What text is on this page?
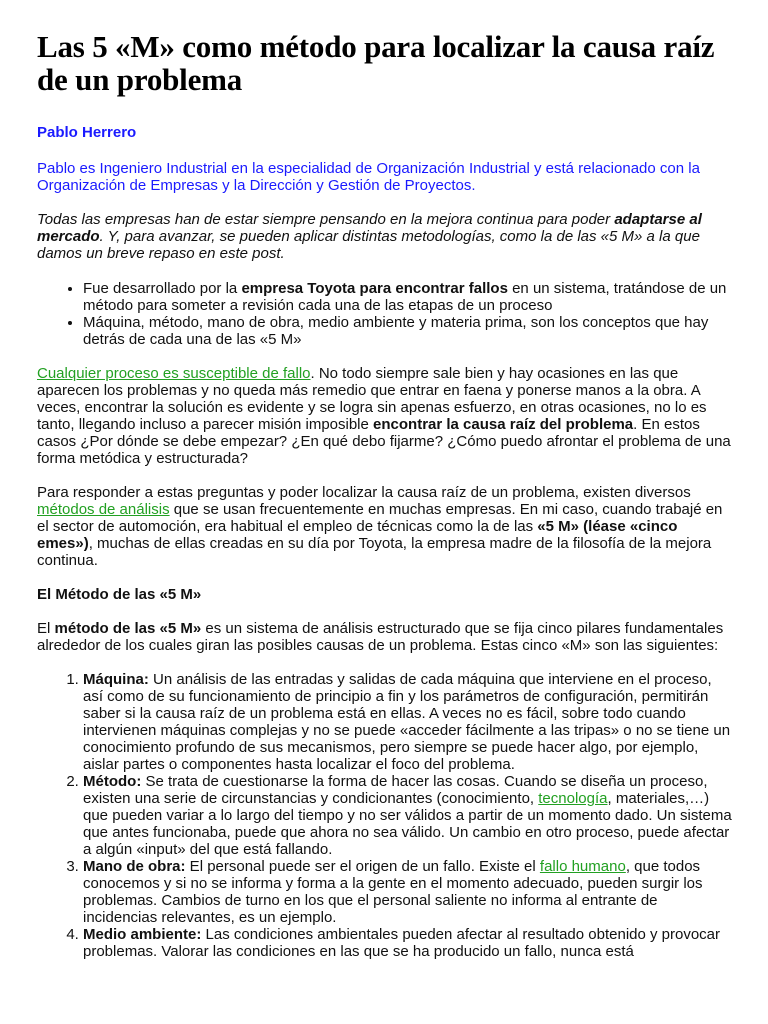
Las 5 «M» como método para localizar la causa raíz de un problema
Pablo Herrero
Pablo es Ingeniero Industrial en la especialidad de Organización Industrial y está relacionado con la Organización de Empresas y la Dirección y Gestión de Proyectos.
Todas las empresas han de estar siempre pensando en la mejora continua para poder adaptarse al mercado. Y, para avanzar, se pueden aplicar distintas metodologías, como la de las «5 M» a la que damos un breve repaso en este post.
• Fue desarrollado por la empresa Toyota para encontrar fallos en un sistema, tratándose de un método para someter a revisión cada una de las etapas de un proceso
• Máquina, método, mano de obra, medio ambiente y materia prima, son los conceptos que hay detrás de cada una de las «5 M»

Cualquier proceso es susceptible de fallo. No todo siempre sale bien y hay ocasiones en las que aparecen los problemas y no queda más remedio que entrar en faena y ponerse manos a la obra. A veces, encontrar la solución es evidente y se logra sin apenas esfuerzo, en otras ocasiones, no lo es tanto, llegando incluso a parecer misión imposible encontrar la causa raíz del problema. En estos casos ¿Por dónde se debe empezar? ¿En qué debo fijarme? ¿Cómo puedo afrontar el problema de una forma metódica y estructurada?

Para responder a estas preguntas y poder localizar la causa raíz de un problema, existen diversos métodos de análisis que se usan frecuentemente en muchas empresas. En mi caso, cuando trabajé en el sector de automoción, era habitual el empleo de técnicas como la de las «5 M» (léase «cinco emes»), muchas de ellas creadas en su día por Toyota, la empresa madre de la filosofía de la mejora continua.

El Método de las «5 M»

El método de las «5 M» es un sistema de análisis estructurado que se fija cinco pilares fundamentales alrededor de los cuales giran las posibles causas de un problema. Estas cinco «M» son las siguientes:

1. Máquina: Un análisis de las entradas y salidas de cada máquina que interviene en el proceso, así como de su funcionamiento de principio a fin y los parámetros de configuración, permitirán saber si la causa raíz de un problema está en ellas. A veces no es fácil, sobre todo cuando intervienen máquinas complejas y no se puede «acceder fácilmente a las tripas» o no se tiene un conocimiento profundo de sus mecanismos, pero siempre se puede hacer algo, por ejemplo, aislar partes o componentes hasta localizar el foco del problema.
2. Método: Se trata de cuestionarse la forma de hacer las cosas. Cuando se diseña un proceso, existen una serie de circunstancias y condicionantes (conocimiento, tecnología, materiales,…) que pueden variar a lo largo del tiempo y no ser válidos a partir de un momento dado. Un sistema que antes funcionaba, puede que ahora no sea válido. Un cambio en otro proceso, puede afectar a algún «input» del que está fallando.
3. Mano de obra: El personal puede ser el origen de un fallo. Existe el fallo humano, que todos conocemos y si no se informa y forma a la gente en el momento adecuado, pueden surgir los problemas. Cambios de turno en los que el personal saliente no informa al entrante de incidencias relevantes, es un ejemplo.
4. Medio ambiente: Las condiciones ambientales pueden afectar al resultado obtenido y provocar problemas. Valorar las condiciones en las que se ha producido un fallo, nunca está
